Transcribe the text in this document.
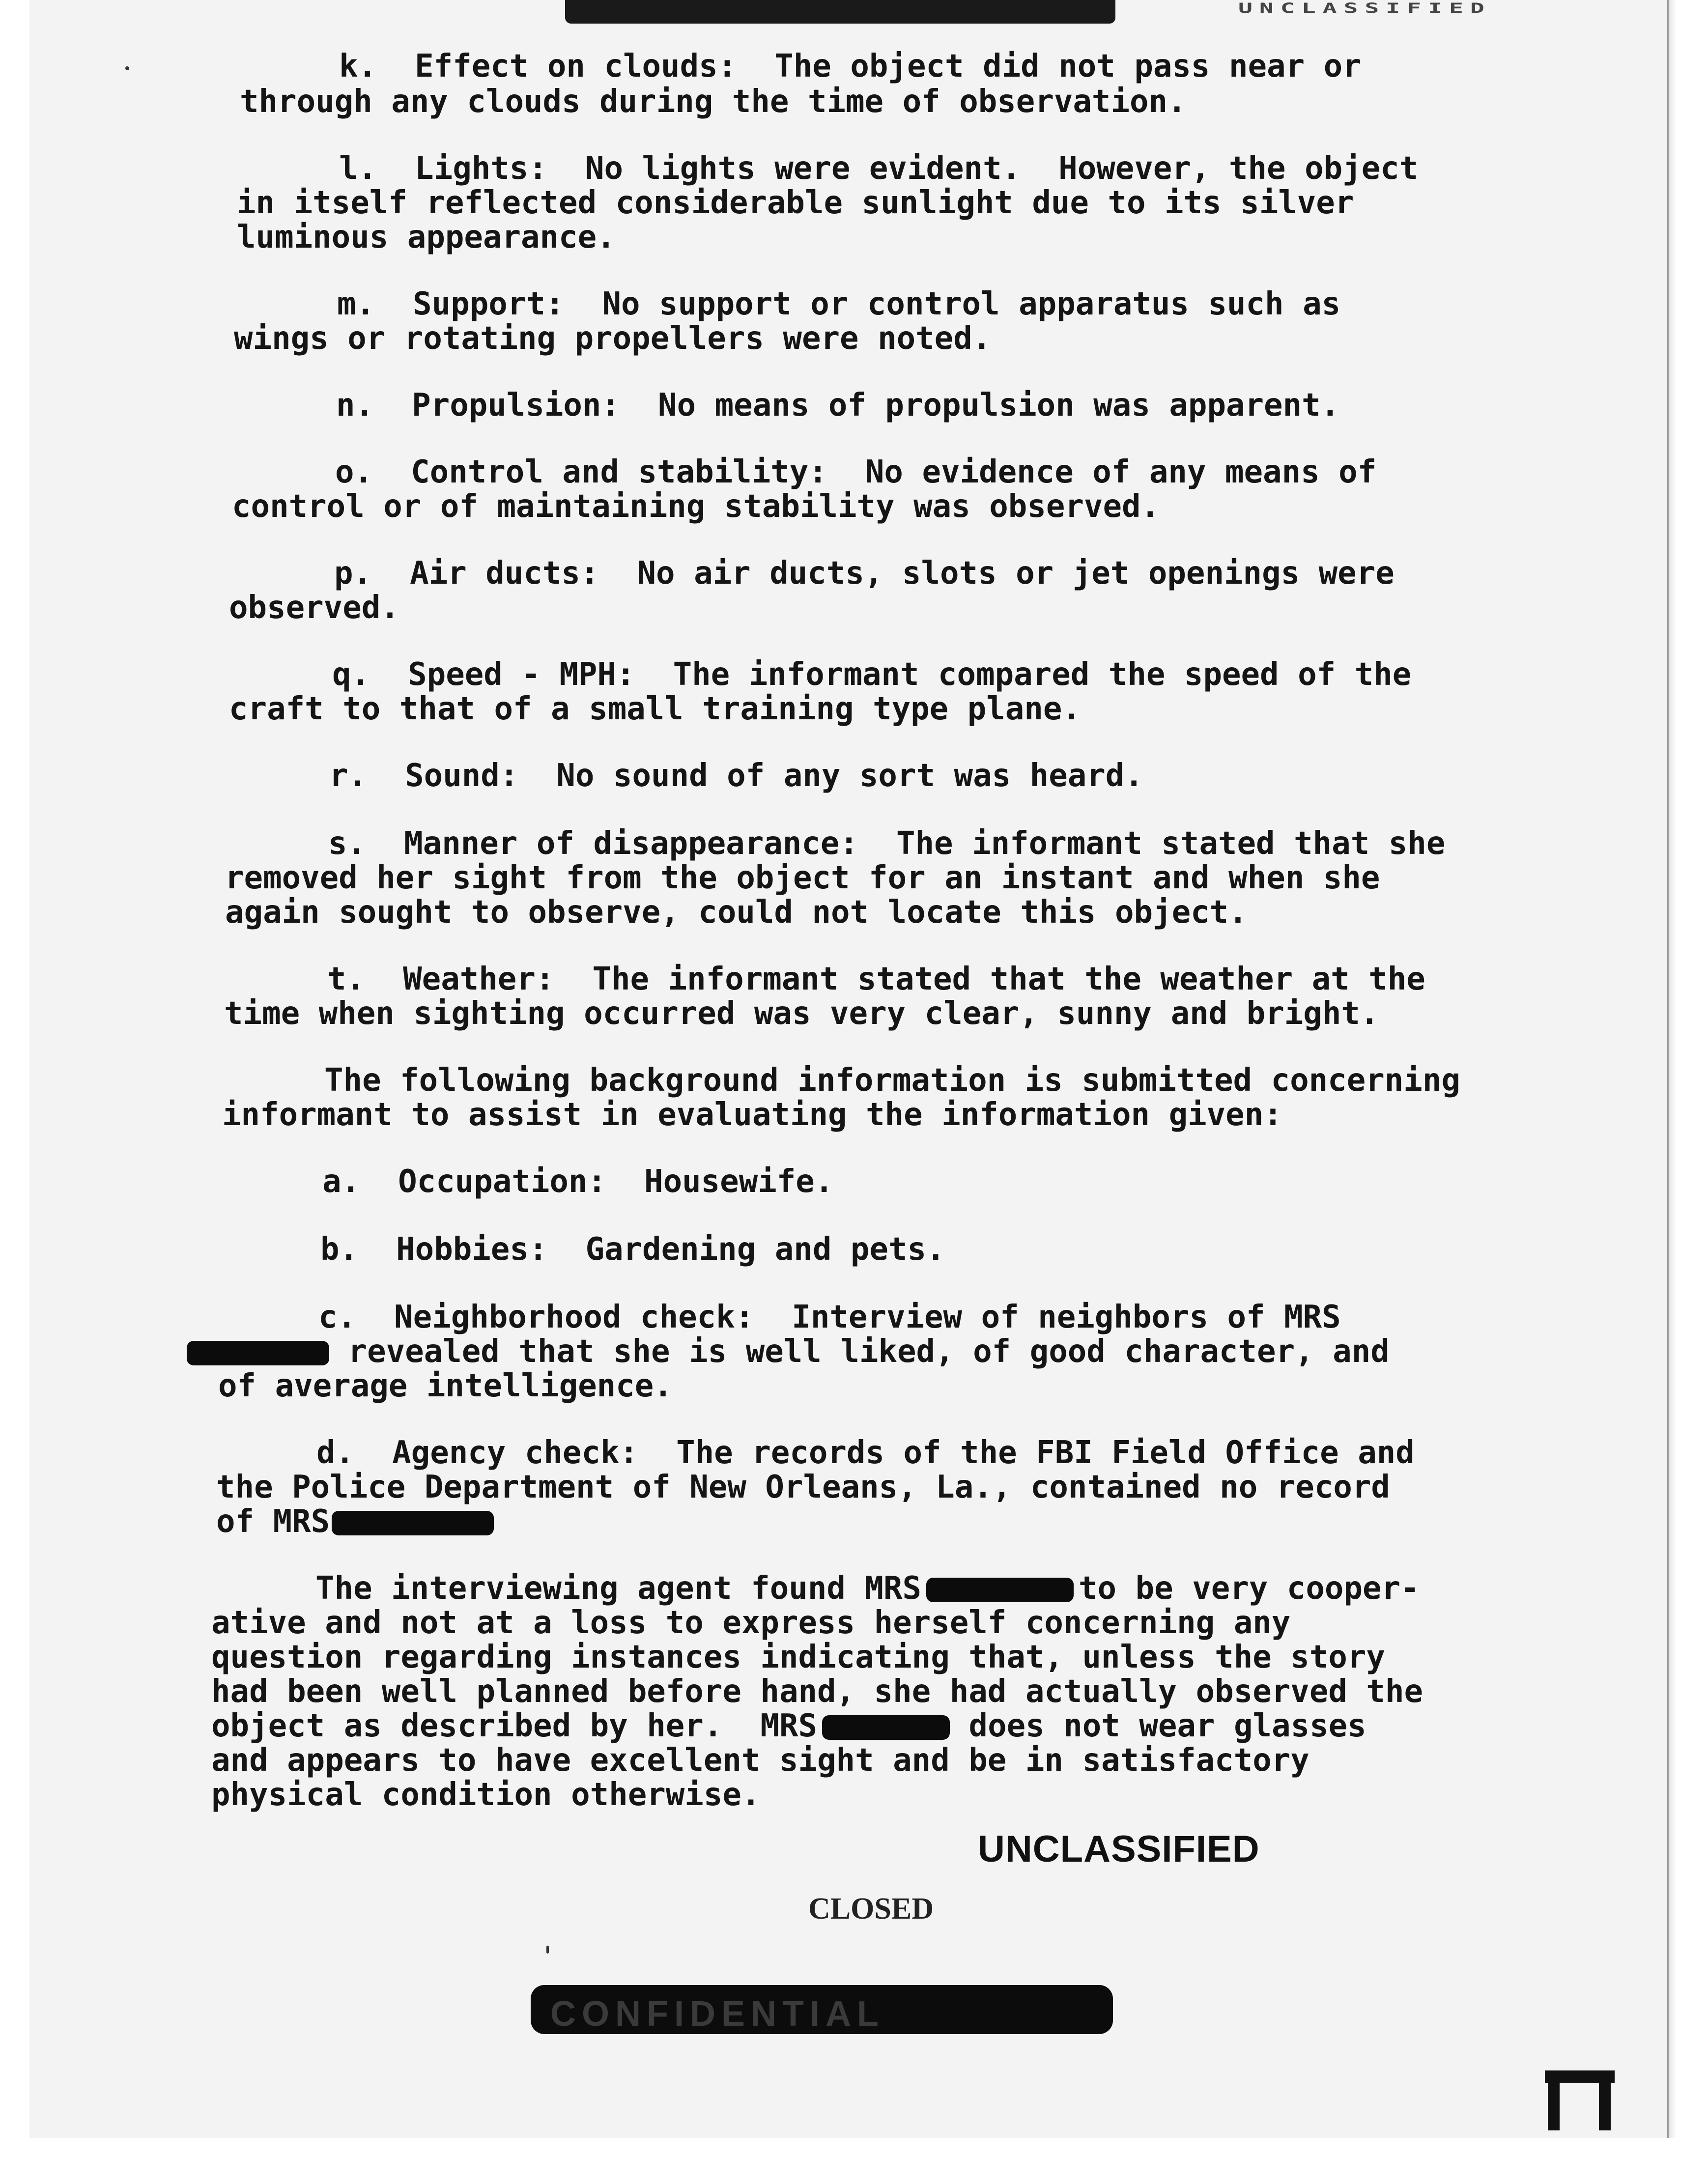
UNCLASSIFIED
k. Effect on clouds: The object did not pass near or
through any clouds during the time of observation.
l. Lights: No lights were evident.  However, the object
in itself reflected considerable sunlight due to its silver
luminous appearance.
m. Support: No support or control apparatus such as
wings or rotating propellers were noted.
n. Propulsion: No means of propulsion was apparent.
o. Control and stability: No evidence of any means of
control or of maintaining stability was observed.
p. Air ducts: No air ducts, slots or jet openings were
observed.
q. Speed - MPH: The informant compared the speed of the
craft to that of a small training type plane.
r. Sound: No sound of any sort was heard.
s. Manner of disappearance: The informant stated that she
removed her sight from the object for an instant and when she
again sought to observe, could not locate this object.
t. Weather: The informant stated that the weather at the
time when sighting occurred was very clear, sunny and bright.
The following background information is submitted concerning
informant to assist in evaluating the information given:
a. Occupation: Housewife.
b. Hobbies: Gardening and pets.
c. Neighborhood check: Interview of neighbors of MRS
revealed that she is well liked, of good character, and
of average intelligence.
d. Agency check: The records of the FBI Field Office and
the Police Department of New Orleans, La., contained no record
of MRS
The interviewing agent found MRS	to be very cooper-
ative and not at a loss to express herself concerning any
question regarding instances indicating that, unless the story
had been well planned before hand, she had actually observed the
object as described by her.  MRS	does not wear glasses
and appears to have excellent sight and be in satisfactory
physical condition otherwise.
UNCLASSIFIED
CLOSED
CONFIDENTIAL
